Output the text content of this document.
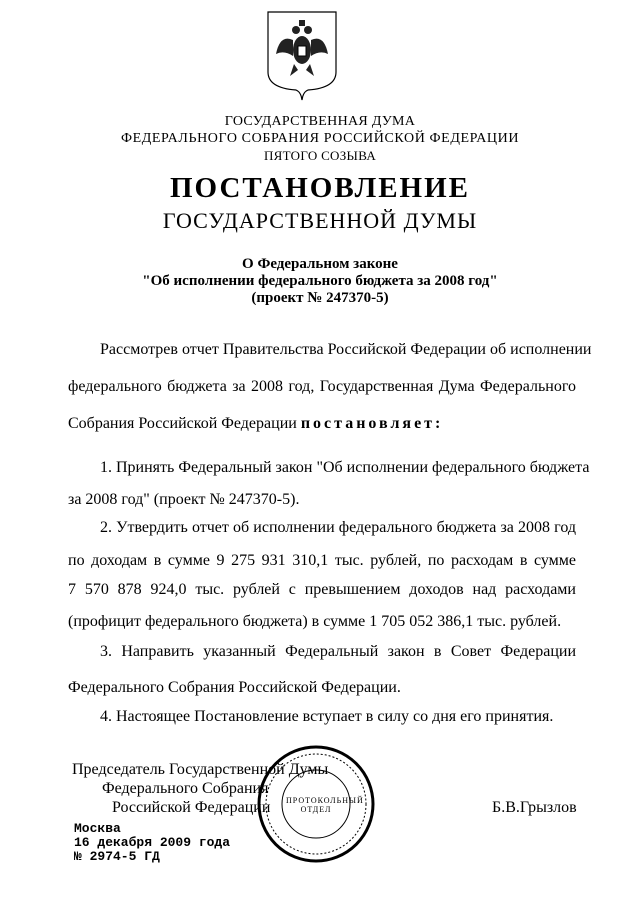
ГОСУДАРСТВЕННАЯ ДУМА
ФЕДЕРАЛЬНОГО СОБРАНИЯ РОССИЙСКОЙ ФЕДЕРАЦИИ
ПЯТОГО СОЗЫВА
ПОСТАНОВЛЕНИЕ
ГОСУДАРСТВЕННОЙ ДУМЫ
О Федеральном законе
"Об исполнении федерального бюджета за 2008 год"
(проект № 247370-5)
Рассмотрев отчет Правительства Российской Федерации об исполнении
федерального бюджета за 2008 год, Государственная Дума Федерального
Собрания Российской Федерации постановляет:
1. Принять Федеральный закон "Об исполнении федерального бюджета
за 2008 год" (проект № 247370-5).
2. Утвердить отчет об исполнении федерального бюджета за 2008 год
по доходам в сумме 9 275 931 310,1 тыс. рублей, по расходам в сумме
7 570 878 924,0 тыс. рублей с превышением доходов над расходами
(профицит федерального бюджета) в сумме 1 705 052 386,1 тыс. рублей.
3. Направить указанный Федеральный закон в Совет Федерации
Федерального Собрания Российской Федерации.
4. Настоящее Постановление вступает в силу со дня его принятия.
Председатель Государственной Думы
Федерального Собрания
Российской Федерации	Б.В.Грызлов
Москва
16 декабря 2009 года
№ 2974-5 ГД
ПРОТОКОЛЬНЫЙ ОТДЕЛ
